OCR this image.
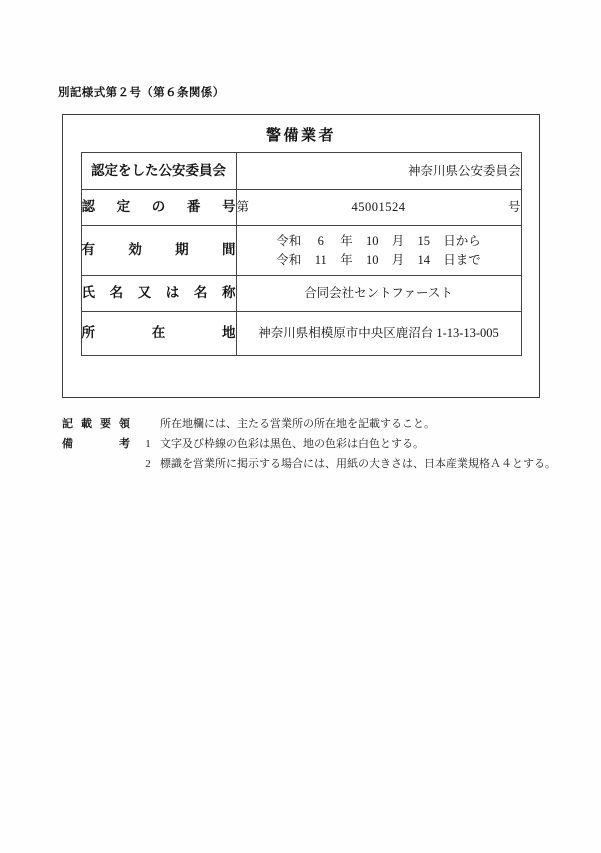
別記様式第２号（第６条関係）
警備業者
認定をした公安委員会	神奈川県公安委員会
認定の番号	第 45001524 号

有効期間	令和 6 年 10 月 15 日から
令和 11 年 10 月 14 日まで

氏名又は名称	合同会社セントファースト
所在地	神奈川県相模原市中央区鹿沼台 1-13-13-005
記載要領	所在地欄には、主たる営業所の所在地を記載すること。
備考	1 文字及び枠線の色彩は黒色、地の色彩は白色とする。
2 標識を営業所に掲示する場合には、用紙の大きさは、日本産業規格Ａ４とする。
